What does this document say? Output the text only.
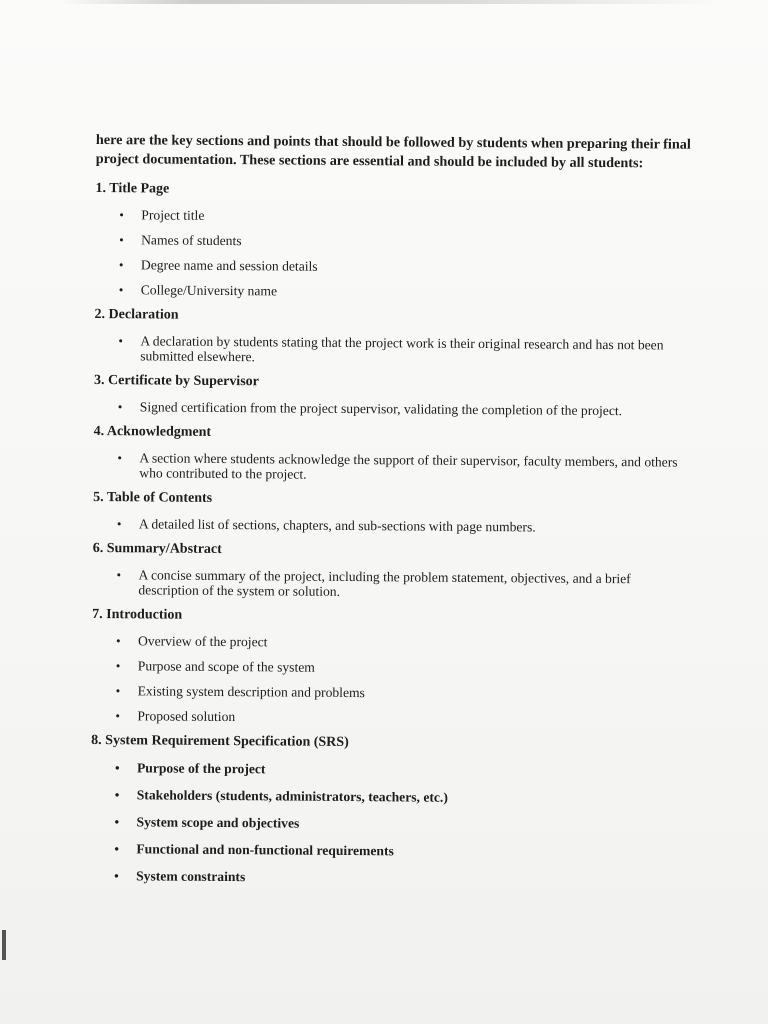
here are the key sections and points that should be followed by students when preparing their final project documentation. These sections are essential and should be included by all students:

1. Title Page

• Project title
• Names of students
• Degree name and session details
• College/University name

2. Declaration

• A declaration by students stating that the project work is their original research and has not been submitted elsewhere.

3. Certificate by Supervisor

• Signed certification from the project supervisor, validating the completion of the project.

4. Acknowledgment

• A section where students acknowledge the support of their supervisor, faculty members, and others who contributed to the project.

5. Table of Contents

• A detailed list of sections, chapters, and sub-sections with page numbers.

6. Summary/Abstract

• A concise summary of the project, including the problem statement, objectives, and a brief description of the system or solution.

7. Introduction

• Overview of the project
• Purpose and scope of the system
• Existing system description and problems
• Proposed solution

8. System Requirement Specification (SRS)

• Purpose of the project
• Stakeholders (students, administrators, teachers, etc.)
• System scope and objectives
• Functional and non-functional requirements
• System constraints
